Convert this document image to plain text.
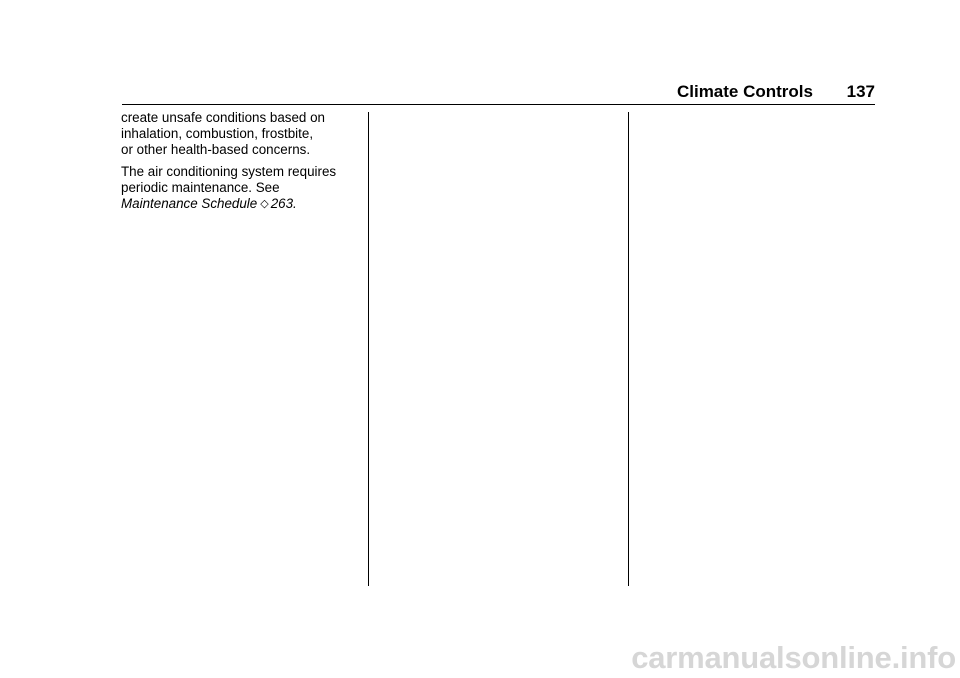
Climate Controls 137

create unsafe conditions based on
inhalation, combustion, frostbite,
or other health-based concerns.

The air conditioning system requires
periodic maintenance. See
Maintenance Schedule ◇ 263.

carmanualsonline.info
